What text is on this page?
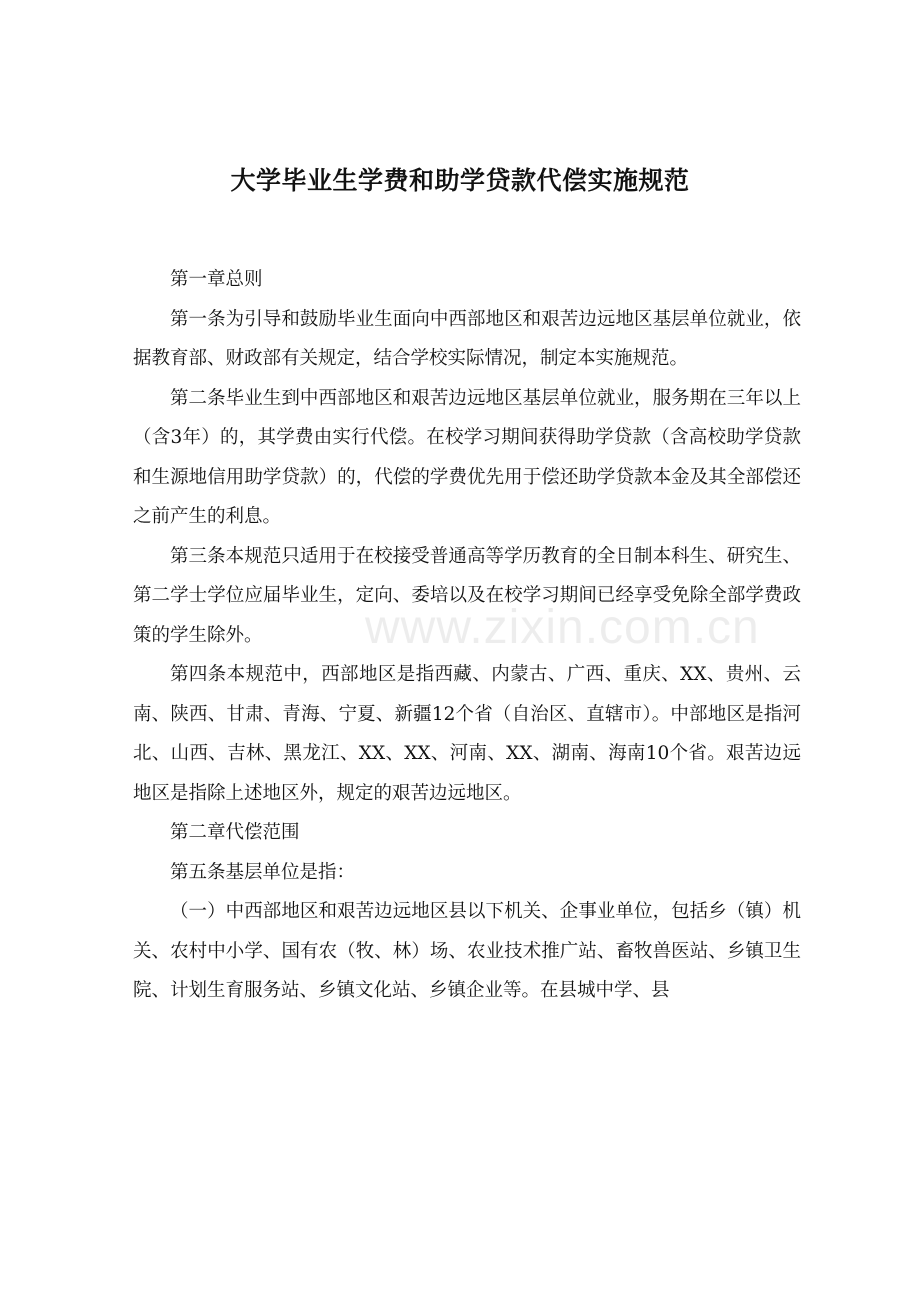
大学毕业生学费和助学贷款代偿实施规范

第一章总则

第一条为引导和鼓励毕业生面向中西部地区和艰苦边远地区基层单位就业，依据教育部、财政部有关规定，结合学校实际情况，制定本实施规范。

第二条毕业生到中西部地区和艰苦边远地区基层单位就业，服务期在三年以上（含3年）的，其学费由实行代偿。在校学习期间获得助学贷款（含高校助学贷款和生源地信用助学贷款）的，代偿的学费优先用于偿还助学贷款本金及其全部偿还之前产生的利息。

第三条本规范只适用于在校接受普通高等学历教育的全日制本科生、研究生、第二学士学位应届毕业生，定向、委培以及在校学习期间已经享受免除全部学费政策的学生除外。

第四条本规范中，西部地区是指西藏、内蒙古、广西、重庆、XX、贵州、云南、陕西、甘肃、青海、宁夏、新疆12个省（自治区、直辖市）。中部地区是指河北、山西、吉林、黑龙江、XX、XX、河南、XX、湖南、海南10个省。艰苦边远地区是指除上述地区外，规定的艰苦边远地区。

第二章代偿范围

第五条基层单位是指：

（一）中西部地区和艰苦边远地区县以下机关、企事业单位，包括乡（镇）机关、农村中小学、国有农（牧、林）场、农业技术推广站、畜牧兽医站、乡镇卫生院、计划生育服务站、乡镇文化站、乡镇企业等。在县城中学、县

www.zixin.com.cn
